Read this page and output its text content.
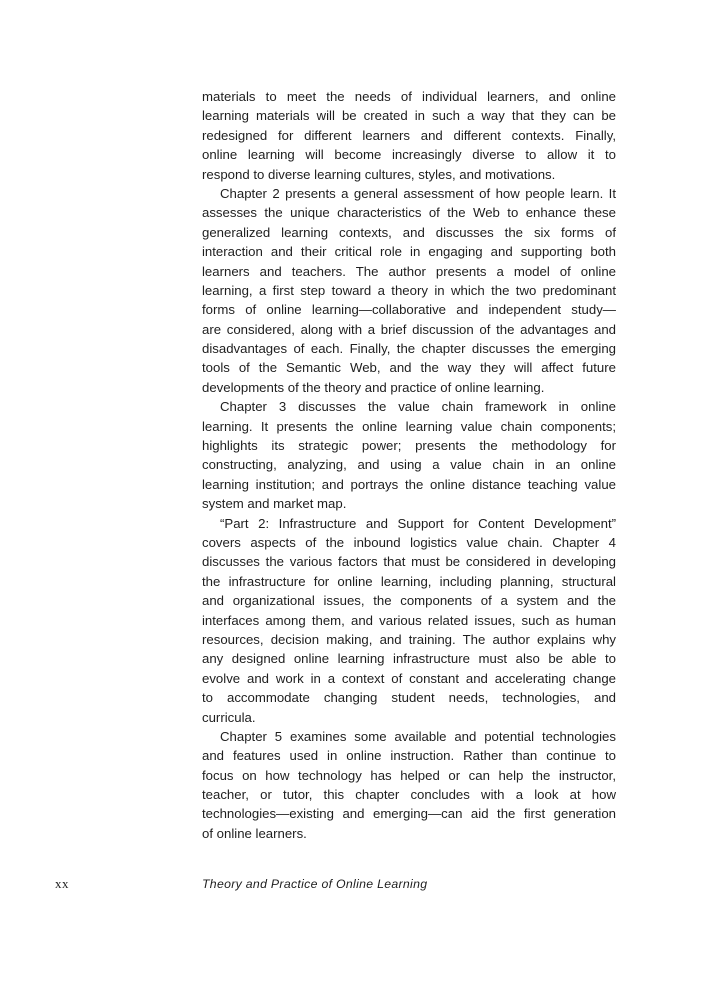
materials to meet the needs of individual learners, and online
learning materials will be created in such a way that they can be
redesigned for different learners and different contexts. Finally,
online learning will become increasingly diverse to allow it to
respond to diverse learning cultures, styles, and motivations.
Chapter 2 presents a general assessment of how people learn. It
assesses the unique characteristics of the Web to enhance these
generalized learning contexts, and discusses the six forms of
interaction and their critical role in engaging and supporting both
learners and teachers. The author presents a model of online
learning, a first step toward a theory in which the two predominant
forms of online learning—collaborative and independent study—
are considered, along with a brief discussion of the advantages and
disadvantages of each. Finally, the chapter discusses the emerging
tools of the Semantic Web, and the way they will affect future
developments of the theory and practice of online learning.
Chapter 3 discusses the value chain framework in online
learning. It presents the online learning value chain components;
highlights its strategic power; presents the methodology for
constructing, analyzing, and using a value chain in an online
learning institution; and portrays the online distance teaching value
system and market map.
“Part 2: Infrastructure and Support for Content Development”
covers aspects of the inbound logistics value chain. Chapter 4
discusses the various factors that must be considered in developing
the infrastructure for online learning, including planning, structural
and organizational issues, the components of a system and the
interfaces among them, and various related issues, such as human
resources, decision making, and training. The author explains why
any designed online learning infrastructure must also be able to
evolve and work in a context of constant and accelerating change
to accommodate changing student needs, technologies, and
curricula.
Chapter 5 examines some available and potential technologies
and features used in online instruction. Rather than continue to
focus on how technology has helped or can help the instructor,
teacher, or tutor, this chapter concludes with a look at how
technologies—existing and emerging—can aid the first generation
of online learners.
xx	Theory and Practice of Online Learning
